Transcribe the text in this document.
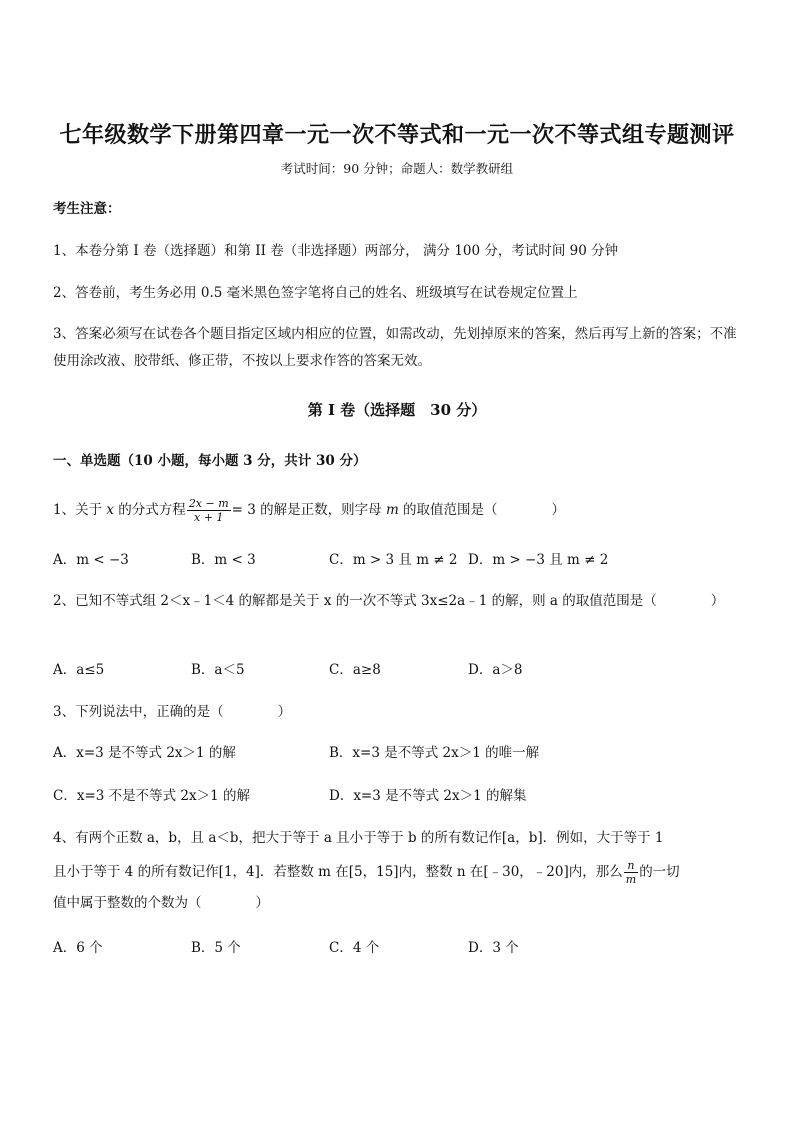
七年级数学下册第四章一元一次不等式和一元一次不等式组专题测评
考试时间：90 分钟；命题人：数学教研组
考生注意：
1、本卷分第 I 卷（选择题）和第 II 卷（非选择题）两部分， 满分 100 分，考试时间 90 分钟
2、答卷前，考生务必用 0.5 毫米黑色签字笔将自己的姓名、班级填写在试卷规定位置上
3、答案必须写在试卷各个题目指定区域内相应的位置，如需改动，先划掉原来的答案，然后再写上新的答案；不准使用涂改液、胶带纸、修正带，不按以上要求作答的答案无效。
第 I 卷（选择题　30 分）
一、单选题（10 小题，每小题 3 分，共计 30 分）
1、关于 x 的分式方程 $\frac{2x - m}{x + 1} = 3$ 的解是正数，则字母 m 的取值范围是（　　　　）
A．m < −3	B．m < 3	C．m > 3 且 m ≠ 2 D．m > −3 且 m ≠ 2
2、已知不等式组 2＜x﹣1＜4 的解都是关于 x 的一次不等式 3x≤2a﹣1 的解，则 a 的取值范围是（　　　　）
A．a≤5	B．a＜5	C．a≥8	D．a＞8
3、下列说法中，正确的是（　　　　）
A．x=3 是不等式 2x＞1 的解	B．x=3 是不等式 2x＞1 的唯一解
C．x=3 不是不等式 2x＞1 的解	D．x=3 是不等式 2x＞1 的解集
4、有两个正数 a，b，且 a＜b，把大于等于 a 且小于等于 b 的所有数记作[a，b]．例如，大于等于 1
且小于等于 4 的所有数记作[1，4]．若整数 m 在[5，15]内，整数 n 在[﹣30，﹣20]内，那么 $\frac{n}{m}$ 的一切
值中属于整数的个数为（　　　　）
A．6 个	B．5 个	C．4 个	D．3 个
